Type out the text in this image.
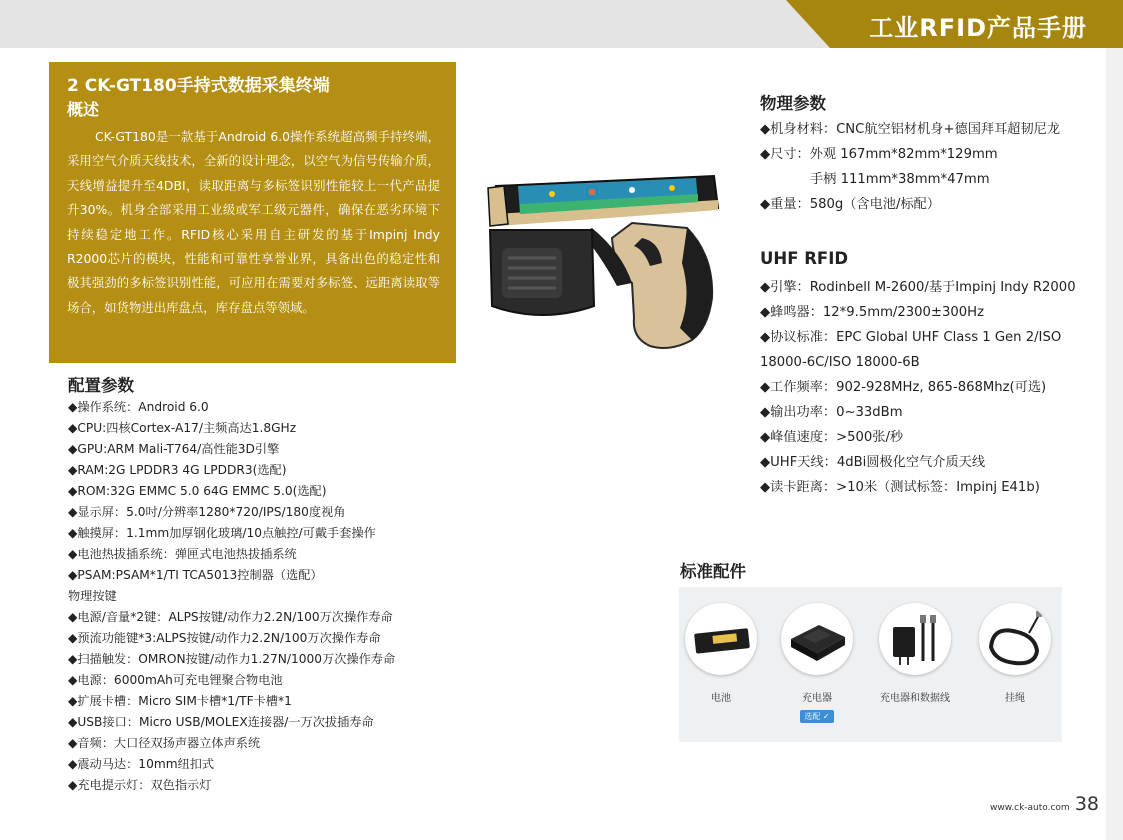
工业RFID产品手册
2 CK-GT180手持式数据采集终端
概述
CK-GT180是一款基于Android 6.0操作系统超高频手持终端，采用空气介质天线技术，全新的设计理念，以空气为信号传输介质，天线增益提升至4DBI，读取距离与多标签识别性能较上一代产品提升30%。机身全部采用工业级或军工级元器件，确保在恶劣环境下持续稳定地工作。RFID核心采用自主研发的基于Impinj Indy R2000芯片的模块，性能和可靠性享誉业界，具备出色的稳定性和极其强劲的多标签识别性能，可应用在需要对多标签、远距离读取等场合，如货物进出库盘点，库存盘点等领域。
配置参数
◆操作系统：Android 6.0
◆CPU:四核Cortex-A17/主频高达1.8GHz
◆GPU:ARM Mali-T764/高性能3D引擎
◆RAM:2G LPDDR3 4G LPDDR3(选配)
◆ROM:32G EMMC 5.0 64G EMMC 5.0(选配)
◆显示屏：5.0吋/分辨率1280*720/IPS/180度视角
◆触摸屏：1.1mm加厚钢化玻璃/10点触控/可戴手套操作
◆电池热拔插系统：弹匣式电池热拔插系统
◆PSAM:PSAM*1/TI TCA5013控制器（选配）
物理按键
◆电源/音量*2键：ALPS按键/动作力2.2N/100万次操作寿命
◆预流功能键*3:ALPS按键/动作力2.2N/100万次操作寿命
◆扫描触发：OMRON按键/动作力1.27N/1000万次操作寿命
◆电源：6000mAh可充电锂聚合物电池
◆扩展卡槽：Micro SIM卡槽*1/TF卡槽*1
◆USB接口：Micro USB/MOLEX连接器/一万次拔插寿命
◆音频：大口径双扬声器立体声系统
◆震动马达：10mm纽扣式
◆充电提示灯：双色指示灯
物理参数
◆机身材料：CNC航空铝材机身+德国拜耳超韧尼龙
◆尺寸：外观 167mm*82mm*129mm
手柄 111mm*38mm*47mm
◆重量：580g（含电池/标配）
UHF RFID
◆引擎：Rodinbell M-2600/基于Impinj Indy R2000
◆蜂鸣器：12*9.5mm/2300±300Hz
◆协议标准：EPC Global UHF Class 1 Gen 2/ISO
18000-6C/ISO 18000-6B
◆工作频率：902-928MHz, 865-868Mhz(可选)
◆输出功率：0~33dBm
◆峰值速度：>500张/秒
◆UHF天线：4dBi圆极化空气介质天线
◆读卡距离：>10米（测试标签：Impinj E41b)
标准配件
电池	充电器
选配 ✓
充电器和数据线	挂绳
www.ck-auto.com 38
